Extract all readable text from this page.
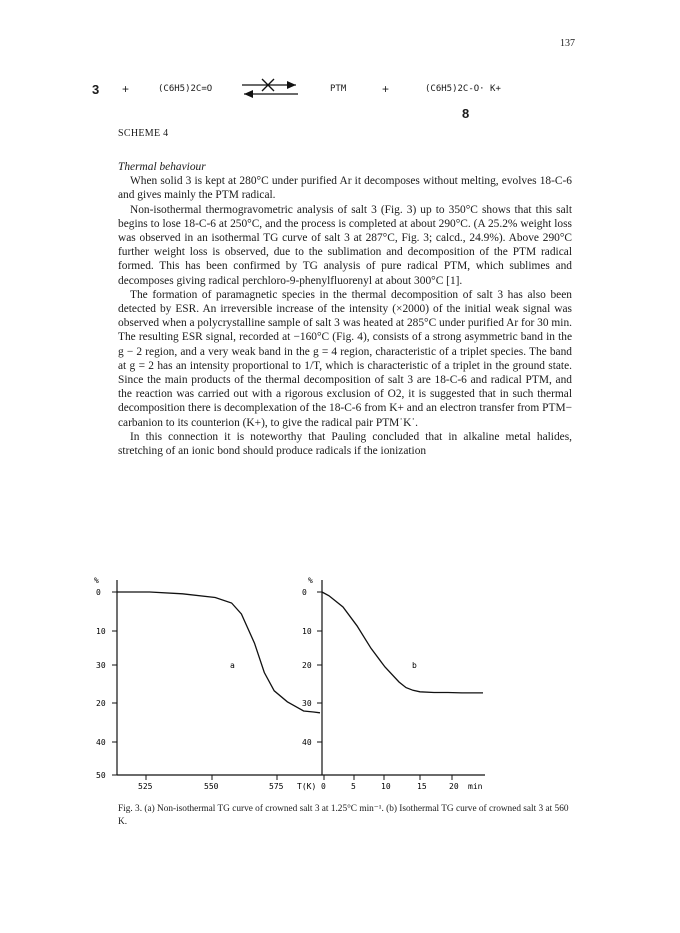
137
3 +	(C6H5)2C=O	PTM	+	(C6H5)2C-O· K+
8
SCHEME 4

Thermal behaviour

When solid 3 is kept at 280°C under purified Ar it decomposes without melting, evolves 18-C-6 and gives mainly the PTM radical.

Non-isothermal thermogravometric analysis of salt 3 (Fig. 3) up to 350°C shows that this salt begins to lose 18-C-6 at 250°C, and the process is completed at about 290°C. (A 25.2% weight loss was observed in an isothermal TG curve of salt 3 at 287°C, Fig. 3; calcd., 24.9%). Above 290°C further weight loss is observed, due to the sublimation and decomposition of the PTM radical formed. This has been confirmed by TG analysis of pure radical PTM, which sublimes and decomposes giving radical perchloro-9-phenylfluorenyl at about 300°C [1].

The formation of paramagnetic species in the thermal decomposition of salt 3 has also been detected by ESR. An irreversible increase of the intensity (×2000) of the initial weak signal was observed when a polycrystalline sample of salt 3 was heated at 285°C under purified Ar for 30 min. The resulting ESR signal, recorded at −160°C (Fig. 4), consists of a strong asymmetric band in the g − 2 region, and a very weak band in the g = 4 region, characteristic of a triplet species. The band at g = 2 has an intensity proportional to 1/T, which is characteristic of a triplet in the ground state. Since the main products of the thermal decomposition of salt 3 are 18-C-6 and radical PTM, and the reaction was carried out with a rigorous exclusion of O2, it is suggested that in such thermal decomposition there is decomplexation of the 18-C-6 from K+ and an electron transfer from PTM− carbanion to its counterion (K+), to give the radical pair PTM˙K˙.

In this connection it is noteworthy that Pauling concluded that in alkaline metal halides, stretching of an ionic bond should produce radicals if the ionization

%
0
10
30
20
40
50
525	550	575
a
T(K)
%
0
10
20
30
40
0	5	10	15	20
b
min
Fig. 3. (a) Non-isothermal TG curve of crowned salt 3 at 1.25°C min⁻¹. (b) Isothermal TG curve of crowned salt 3 at 560 K.
